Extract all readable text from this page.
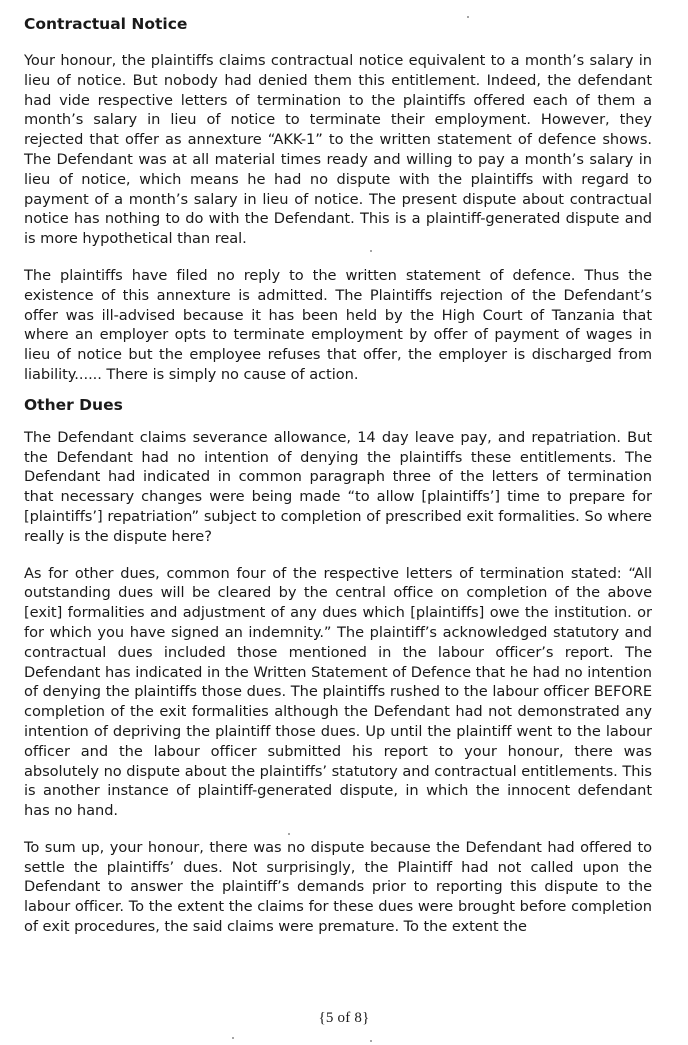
Contractual Notice

Your honour, the plaintiffs claims contractual notice equivalent to a month’s salary in lieu of notice. But nobody had denied them this entitlement. Indeed, the defendant had vide respective letters of termination to the plaintiffs offered each of them a month’s salary in lieu of notice to terminate their employment. However, they rejected that offer as annexture “AKK-1” to the written statement of defence shows. The Defendant was at all material times ready and willing to pay a month’s salary in lieu of notice, which means he had no dispute with the plaintiffs with regard to payment of a month’s salary in lieu of notice. The present dispute about contractual notice has nothing to do with the Defendant. This is a plaintiff-generated dispute and is more hypothetical than real.

The plaintiffs have filed no reply to the written statement of defence. Thus the existence of this annexture is admitted. The Plaintiffs rejection of the Defendant’s offer was ill-advised because it has been held by the High Court of Tanzania that where an employer opts to terminate employment by offer of payment of wages in lieu of notice but the employee refuses that offer, the employer is discharged from liability...... There is simply no cause of action.

Other Dues

The Defendant claims severance allowance, 14 day leave pay, and repatriation. But the Defendant had no intention of denying the plaintiffs these entitlements. The Defendant had indicated in common paragraph three of the letters of termination that necessary changes were being made “to allow [plaintiffs’] time to prepare for [plaintiffs’] repatriation” subject to completion of prescribed exit formalities. So where really is the dispute here?

As for other dues, common four of the respective letters of termination stated: “All outstanding dues will be cleared by the central office on completion of the above [exit] formalities and adjustment of any dues which [plaintiffs] owe the institution. or for which you have signed an indemnity.” The plaintiff’s acknowledged statutory and contractual dues included those mentioned in the labour officer’s report. The Defendant has indicated in the Written Statement of Defence that he had no intention of denying the plaintiffs those dues. The plaintiffs rushed to the labour officer BEFORE completion of the exit formalities although the Defendant had not demonstrated any intention of depriving the plaintiff those dues. Up until the plaintiff went to the labour officer and the labour officer submitted his report to your honour, there was absolutely no dispute about the plaintiffs’ statutory and contractual entitlements. This is another instance of plaintiff-generated dispute, in which the innocent defendant has no hand.

To sum up, your honour, there was no dispute because the Defendant had offered to settle the plaintiffs’ dues. Not surprisingly, the Plaintiff had not called upon the Defendant to answer the plaintiff’s demands prior to reporting this dispute to the labour officer. To the extent the claims for these dues were brought before completion of exit procedures, the said claims were premature. To the extent the

{5 of 8}
